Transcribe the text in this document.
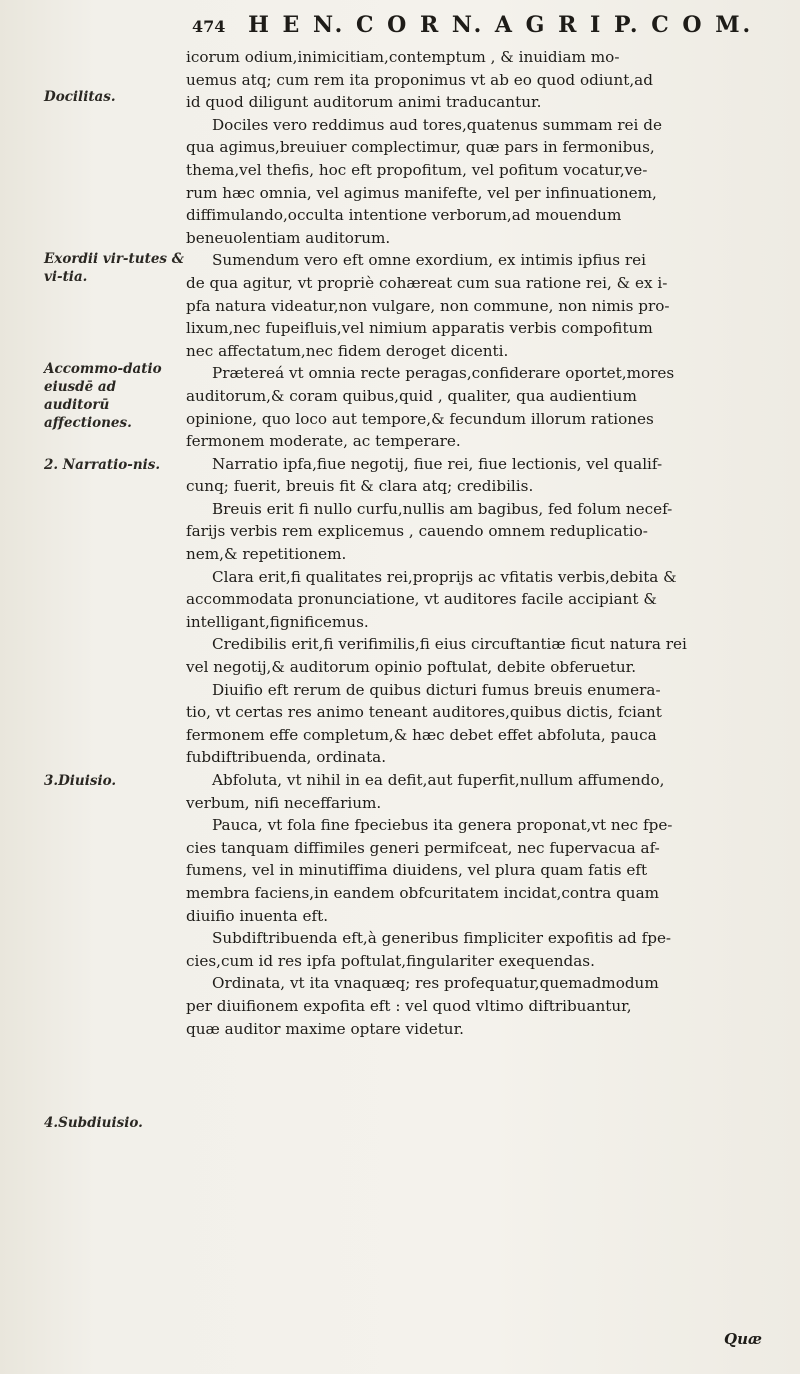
474 H E N. C O R N. A G R I P. C O M.
Docilitas.
Exordii vir-tutes & vi-tia.
Accommo-datio eiusdē ad auditorū affectiones.
2. Narratio-nis.
3.Diuisio.
4.Subdiuisio.
icorum odium,inimicitiam,contemptum , & inuidiam mo-
uemus atq; cum rem ita proponimus vt ab eo quod odiunt,ad
id quod diligunt auditorum animi traducantur.
Dociles vero reddimus aud tores,quatenus summam rei de
qua agimus,breuiuer complectimur, quæ pars in fermonibus,
thema,vel thefis, hoc eft propofitum, vel pofitum vocatur,ve-
rum hæc omnia, vel agimus manifefte, vel per infinuationem,
diffimulando,occulta intentione verborum,ad mouendum
beneuolentiam auditorum.
Sumendum vero eft omne exordium, ex intimis ipfius rei
de qua agitur, vt propriè cohæreat cum sua ratione rei, & ex i-
pfa natura videatur,non vulgare, non commune, non nimis pro-
lixum,nec fupeifluis,vel nimium apparatis verbis compofitum
nec affectatum,nec fidem deroget dicenti.
Prætereá vt omnia recte peragas,confiderare oportet,mores
auditorum,& coram quibus,quid , qualiter, qua audientium
opinione, quo loco aut tempore,& fecundum illorum rationes
fermonem moderate, ac temperare.
Narratio ipfa,fiue negotij, fiue rei, fiue lectionis, vel qualif-
cunq; fuerit, breuis fit & clara atq; credibilis.
Breuis erit fi nullo curfu,nullis am bagibus, fed folum necef-
farijs verbis rem explicemus , cauendo omnem reduplicatio-
nem,& repetitionem.
Clara erit,fi qualitates rei,proprijs ac vfitatis verbis,debita &
accommodata pronunciatione, vt auditores facile accipiant &
intelligant,fignificemus.
Credibilis erit,fi verifimilis,fi eius circuftantiæ ficut natura rei
vel negotij,& auditorum opinio poftulat, debite obferuetur.
Diuifio eft rerum de quibus dicturi fumus breuis enumera-
tio, vt certas res animo teneant auditores,quibus dictis, fciant
fermonem effe completum,& hæc debet effet abfoluta, pauca
fubdiftribuenda, ordinata.
Abfoluta, vt nihil in ea defit,aut fuperfit,nullum affumendo,
verbum, nifi neceffarium.
Pauca, vt fola fine fpeciebus ita genera proponat,vt nec fpe-
cies tanquam diffimiles generi permifceat, nec fupervacua af-
fumens, vel in minutiffima diuidens, vel plura quam fatis eft
membra faciens,in eandem obfcuritatem incidat,contra quam
diuifio inuenta eft.
Subdiftribuenda eft,à generibus fimpliciter expofitis ad fpe-
cies,cum id res ipfa poftulat,fingulariter exequendas.
Ordinata, vt ita vnaquæq; res profequatur,quemadmodum
per diuifionem expofita eft : vel quod vltimo diftribuantur,
quæ auditor maxime optare videtur.
Quæ
